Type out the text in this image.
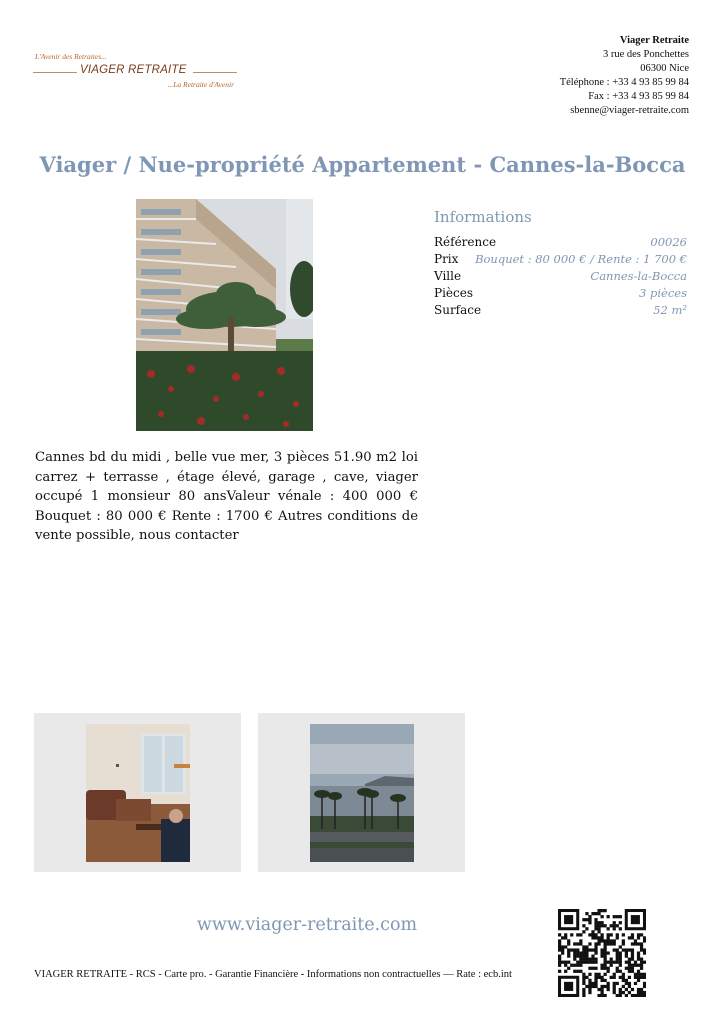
L'Avenir des Retraites...
VIAGER RETRAITE
...La Retraite d'Avenir
Viager Retraite
3 rue des Ponchettes
06300 Nice
Téléphone : +33 4 93 85 99 84
Fax : +33 4 93 85 99 84
sbenne@viager-retraite.com
Viager / Nue-propriété Appartement - Cannes-la-Bocca
Informations
Référence	00026
Prix Bouquet : 80 000 € / Rente : 1 700 €
Ville	Cannes-la-Bocca
Pièces	3 pièces
Surface	52 m²
Cannes bd du midi , belle vue mer, 3 pièces 51.90 m2 loi carrez + terrasse , étage élevé, garage , cave, viager occupé 1 monsieur 80 ansValeur vénale : 400 000 € Bouquet : 80 000 € Rente : 1700 € Autres conditions de vente possible, nous contacter
www.viager-retraite.com
VIAGER RETRAITE - RCS - Carte pro. - Garantie Financière - Informations non contractuelles — Rate : ecb.int
